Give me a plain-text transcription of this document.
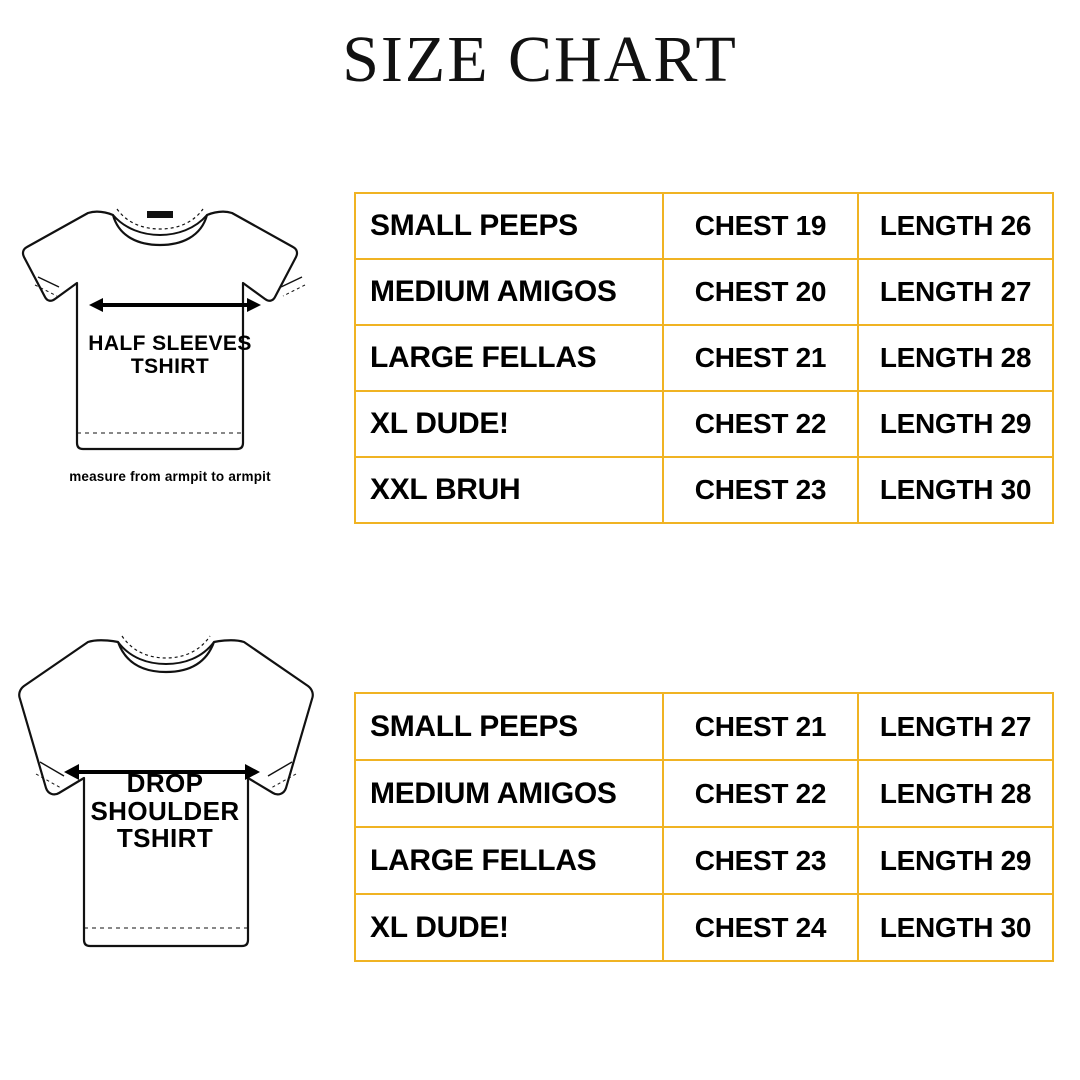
SIZE CHART
HALF SLEEVES
TSHIRT
measure from armpit to armpit
DROP
SHOULDER
TSHIRT
SMALL PEEPS	CHEST 19	LENGTH 26
MEDIUM AMIGOS	CHEST 20	LENGTH 27
LARGE FELLAS	CHEST 21	LENGTH 28
XL DUDE!	CHEST 22	LENGTH 29
XXL BRUH	CHEST 23	LENGTH 30
SMALL PEEPS	CHEST 21	LENGTH 27
MEDIUM AMIGOS	CHEST 22	LENGTH 28
LARGE FELLAS	CHEST 23	LENGTH 29
XL DUDE!	CHEST 24	LENGTH 30
